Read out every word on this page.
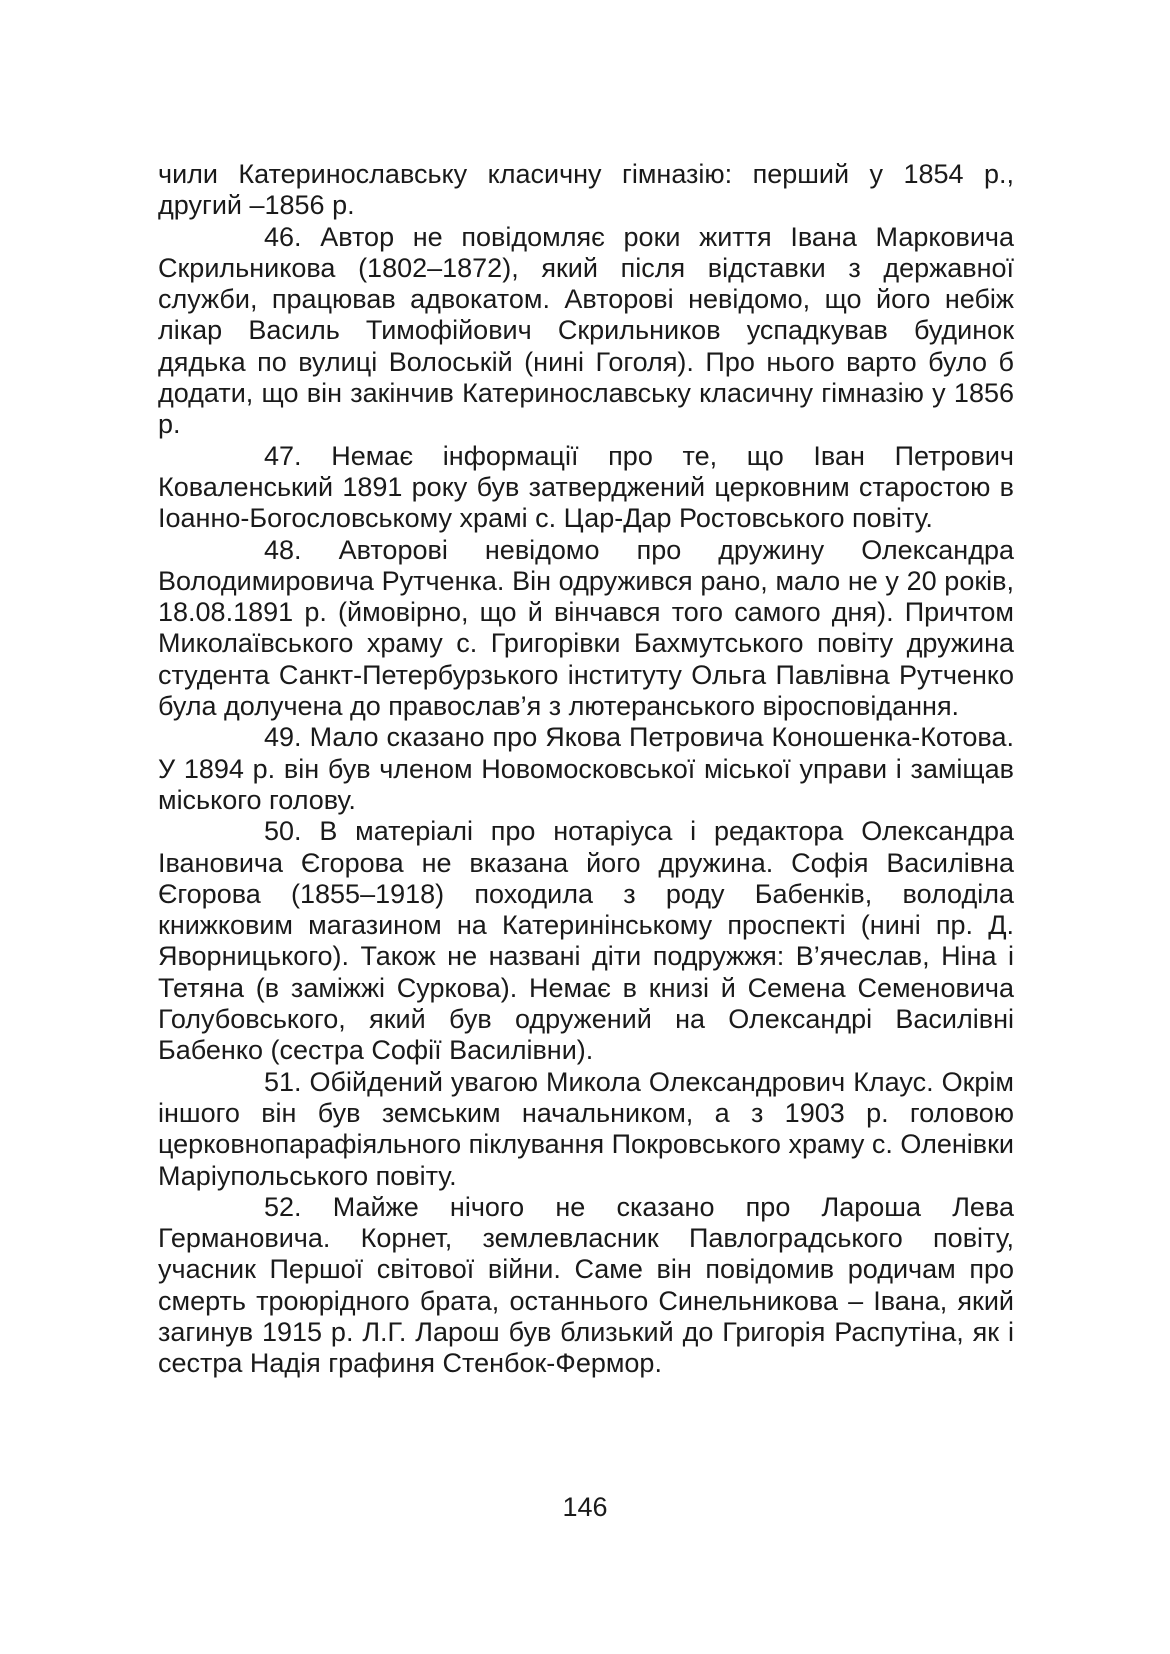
чили Катеринославську класичну гімназію: перший у 1854 р., другий –1856 р.

46. Автор не повідомляє роки життя Івана Марковича Скрильникова (1802–1872), який після відставки з державної служби, працював адвокатом. Авторові невідомо, що його небіж лікар Василь Тимофійович Скрильников успадкував будинок дядька по вулиці Волоській (нині Гоголя). Про нього варто було б додати, що він закінчив Катеринославську класичну гімназію у 1856 р.

47. Немає інформації про те, що Іван Петрович Коваленський 1891 року був затверджений церковним старостою в Іоанно-Богословському храмі с. Цар-Дар Ростовського повіту.

48. Авторові невідомо про дружину Олександра Володимировича Рутченка. Він одружився рано, мало не у 20 років, 18.08.1891 р. (ймовірно, що й вінчався того самого дня). Причтом Миколаївського храму с. Григорівки Бахмутського повіту дружина студента Санкт-Петербурзького інституту Ольга Павлівна Рутченко була долучена до православ’я з лютеранського віросповідання.

49. Мало сказано про Якова Петровича Коношенка-Котова. У 1894 р. він був членом Новомосковської міської управи і заміщав міського голову.

50. В матеріалі про нотаріуса і редактора Олександра Івановича Єгорова не вказана його дружина. Софія Василівна Єгорова (1855–1918) походила з роду Бабенків, володіла книжковим магазином на Катеринінському проспекті (нині пр. Д. Яворницького). Також не названі діти подружжя: В’ячеслав, Ніна і Тетяна (в заміжжі Суркова). Немає в книзі й Семена Семеновича Голубовського, який був одружений на Олександрі Василівні Бабенко (сестра Софії Василівни).

51. Обійдений увагою Микола Олександрович Клаус. Окрім іншого він був земським начальником, а з 1903 р. головою церковнопарафіяльного піклування Покровського храму с. Оленівки Маріупольського повіту.

52. Майже нічого не сказано про Лароша Лева Германовича. Корнет, землевласник Павлоградського повіту, учасник Першої світової війни. Саме він повідомив родичам про смерть троюрідного брата, останнього Синельникова – Івана, який загинув 1915 р. Л.Г. Ларош був близький до Григорія Распутіна, як і сестра Надія графиня Стенбок-Фермор.

146
